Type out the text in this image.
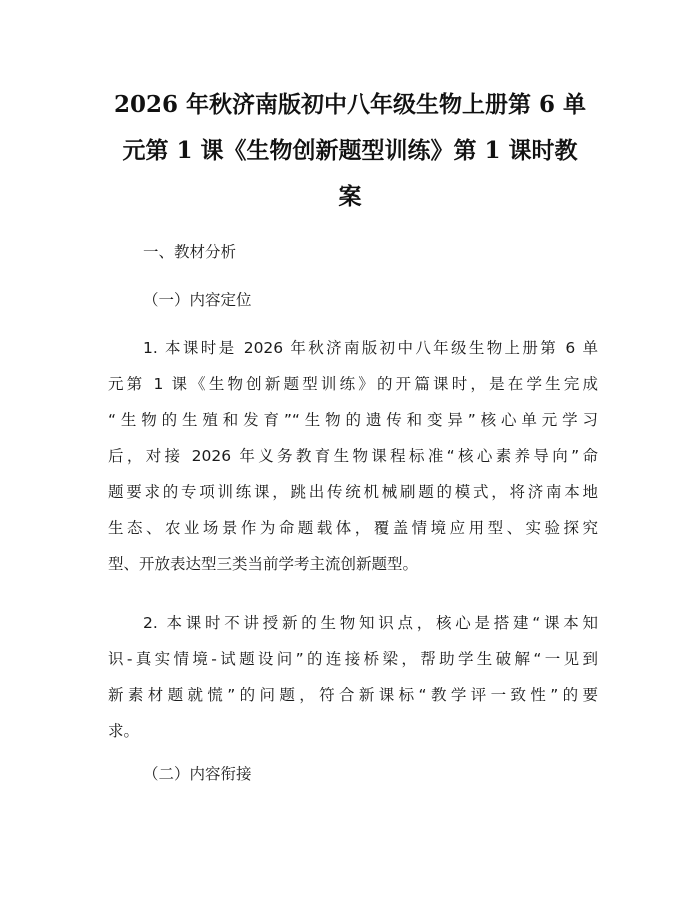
2026 年秋济南版初中八年级生物上册第 6 单
元第 1 课《生物创新题型训练》第 1 课时教
案

一、教材分析

（一）内容定位

1. 本课时是 2026 年秋济南版初中八年级生物上册第 6 单

元第 1 课《生物创新题型训练》的开篇课时，是在学生完成

“生物的生殖和发育”“生物的遗传和变异”核心单元学习

后，对接 2026 年义务教育生物课程标准“核心素养导向”命

题要求的专项训练课，跳出传统机械刷题的模式，将济南本地

生态、农业场景作为命题载体，覆盖情境应用型、实验探究

型、开放表达型三类当前学考主流创新题型。

2. 本课时不讲授新的生物知识点，核心是搭建“课本知

识-真实情境-试题设问”的连接桥梁，帮助学生破解“一见到

新素材题就慌”的问题，符合新课标“教学评一致性”的要

求。

（二）内容衔接
